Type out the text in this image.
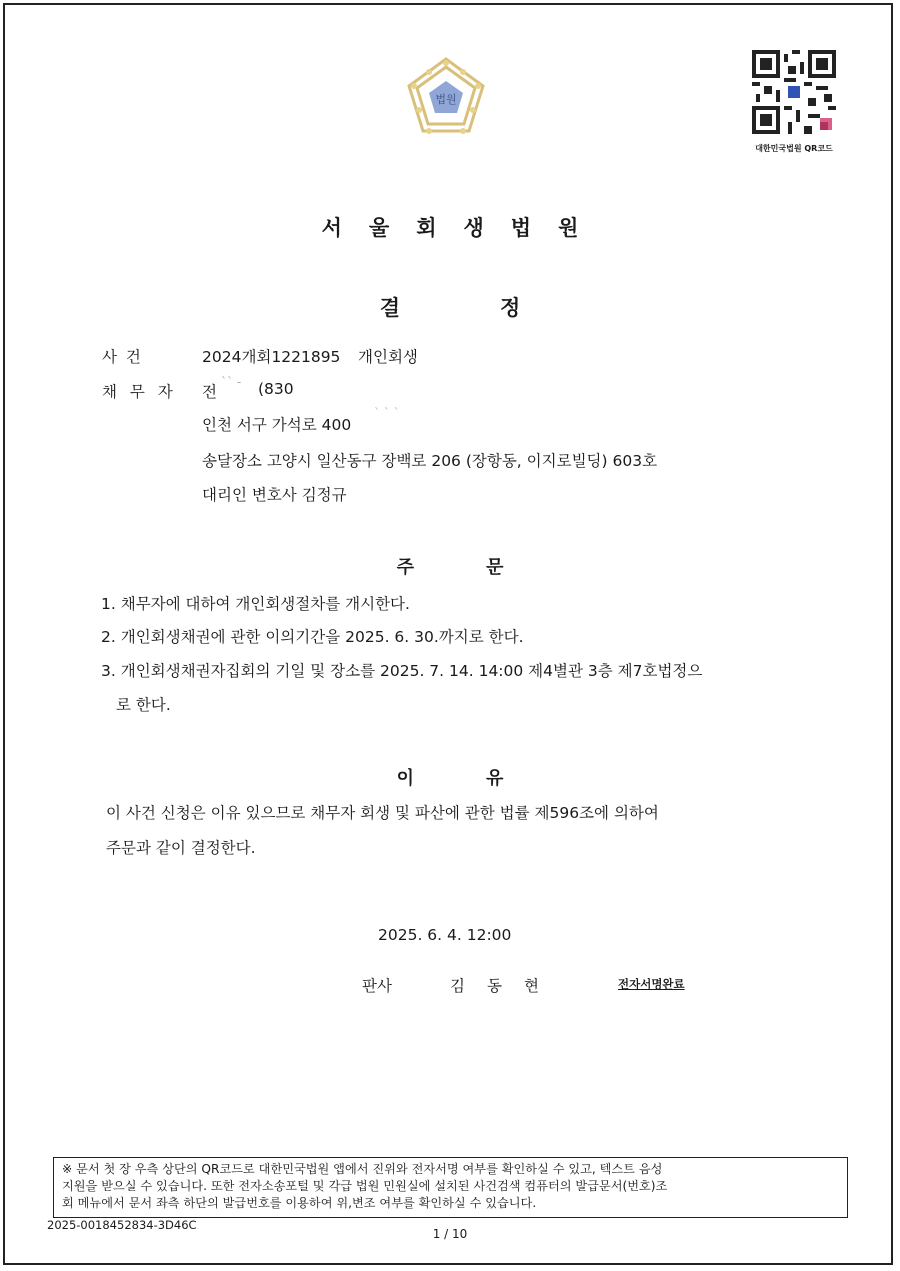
법원
대한민국법원 QR코드
서울회생법원
결정
사 건	2024개회1221895 개인회생
채 무 자 전
ˋˋ - (830
인천 서구 가석로 400
ˋ ˋ ˋ
송달장소 고양시 일산동구 장백로 206 (장항동, 이지로빌딩) 603호
대리인 변호사 김정규
주문
1. 채무자에 대하여 개인회생절차를 개시한다.
2. 개인회생채권에 관한 이의기간을 2025. 6. 30.까지로 한다.
3. 개인회생채권자집회의 기일 및 장소를 2025. 7. 14. 14:00 제4별관 3층 제7호법정으
로 한다.
이유
이 사건 신청은 이유 있으므로 채무자 회생 및 파산에 관한 법률 제596조에 의하여
주문과 같이 결정한다.
2025. 6. 4. 12:00
판사	김동현	전자서명완료
※ 문서 첫 장 우측 상단의 QR코드로 대한민국법원 앱에서 진위와 전자서명 여부를 확인하실 수 있고, 텍스트 음성
지원을 받으실 수 있습니다. 또한 전자소송포털 및 각급 법원 민원실에 설치된 사건검색 컴퓨터의 발급문서(번호)조
회 메뉴에서 문서 좌측 하단의 발급번호를 이용하여 위,변조 여부를 확인하실 수 있습니다.
2025-0018452834-3D46C
1 / 10
